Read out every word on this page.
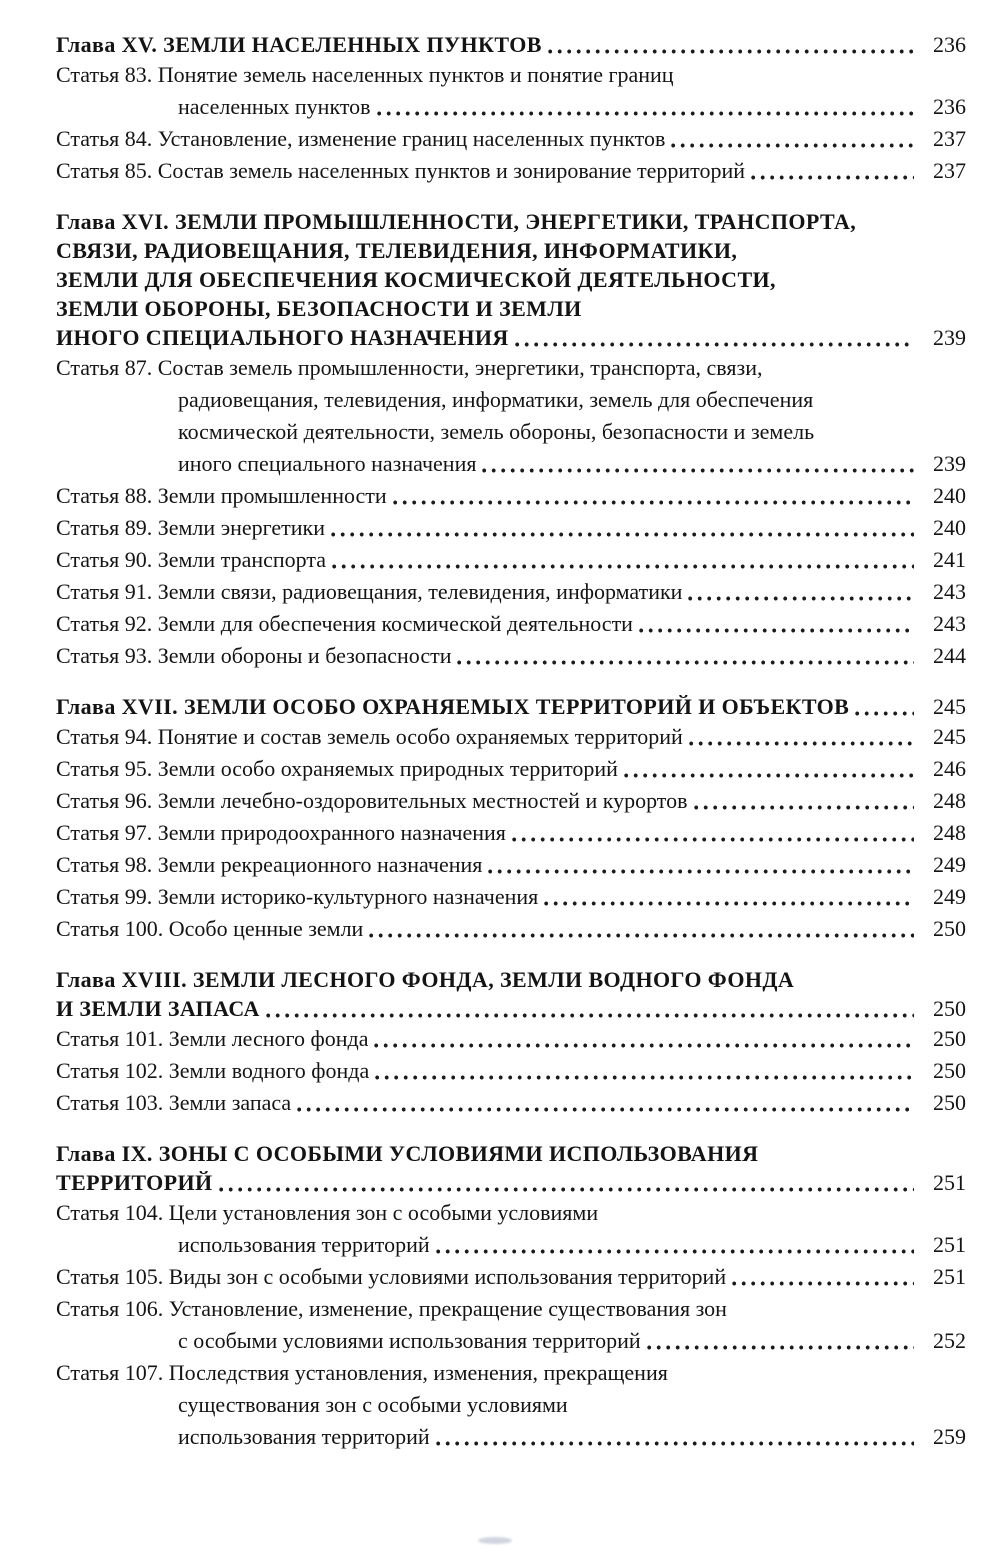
Глава XV. ЗЕМЛИ НАСЕЛЕННЫХ ПУНКТОВ	236
Статья 83. Понятие земель населенных пунктов и понятие границ
населенных пунктов	236
Статья 84. Установление, изменение границ населенных пунктов	237
Статья 85. Состав земель населенных пунктов и зонирование территорий	237
Глава XVI. ЗЕМЛИ ПРОМЫШЛЕННОСТИ, ЭНЕРГЕТИКИ, ТРАНСПОРТА,
СВЯЗИ, РАДИОВЕЩАНИЯ, ТЕЛЕВИДЕНИЯ, ИНФОРМАТИКИ,
ЗЕМЛИ ДЛЯ ОБЕСПЕЧЕНИЯ КОСМИЧЕСКОЙ ДЕЯТЕЛЬНОСТИ,
ЗЕМЛИ ОБОРОНЫ, БЕЗОПАСНОСТИ И ЗЕМЛИ
ИНОГО СПЕЦИАЛЬНОГО НАЗНАЧЕНИЯ	239
Статья 87. Состав земель промышленности, энергетики, транспорта, связи,
радиовещания, телевидения, информатики, земель для обеспечения
космической деятельности, земель обороны, безопасности и земель
иного специального назначения	239
Статья 88. Земли промышленности	240
Статья 89. Земли энергетики	240
Статья 90. Земли транспорта	241
Статья 91. Земли связи, радиовещания, телевидения, информатики	243
Статья 92. Земли для обеспечения космической деятельности	243
Статья 93. Земли обороны и безопасности	244
Глава XVII. ЗЕМЛИ ОСОБО ОХРАНЯЕМЫХ ТЕРРИТОРИЙ И ОБЪЕКТОВ	245
Статья 94. Понятие и состав земель особо охраняемых территорий	245
Статья 95. Земли особо охраняемых природных территорий	246
Статья 96. Земли лечебно-оздоровительных местностей и курортов	248
Статья 97. Земли природоохранного назначения	248
Статья 98. Земли рекреационного назначения	249
Статья 99. Земли историко-культурного назначения	249
Статья 100. Особо ценные земли	250
Глава XVIII. ЗЕМЛИ ЛЕСНОГО ФОНДА, ЗЕМЛИ ВОДНОГО ФОНДА
И ЗЕМЛИ ЗАПАСА	250
Статья 101. Земли лесного фонда	250
Статья 102. Земли водного фонда	250
Статья 103. Земли запаса	250
Глава IX. ЗОНЫ С ОСОБЫМИ УСЛОВИЯМИ ИСПОЛЬЗОВАНИЯ
ТЕРРИТОРИЙ	251
Статья 104. Цели установления зон с особыми условиями
использования территорий	251
Статья 105. Виды зон с особыми условиями использования территорий	251
Статья 106. Установление, изменение, прекращение существования зон
с особыми условиями использования территорий	252
Статья 107. Последствия установления, изменения, прекращения
существования зон с особыми условиями
использования территорий	259
